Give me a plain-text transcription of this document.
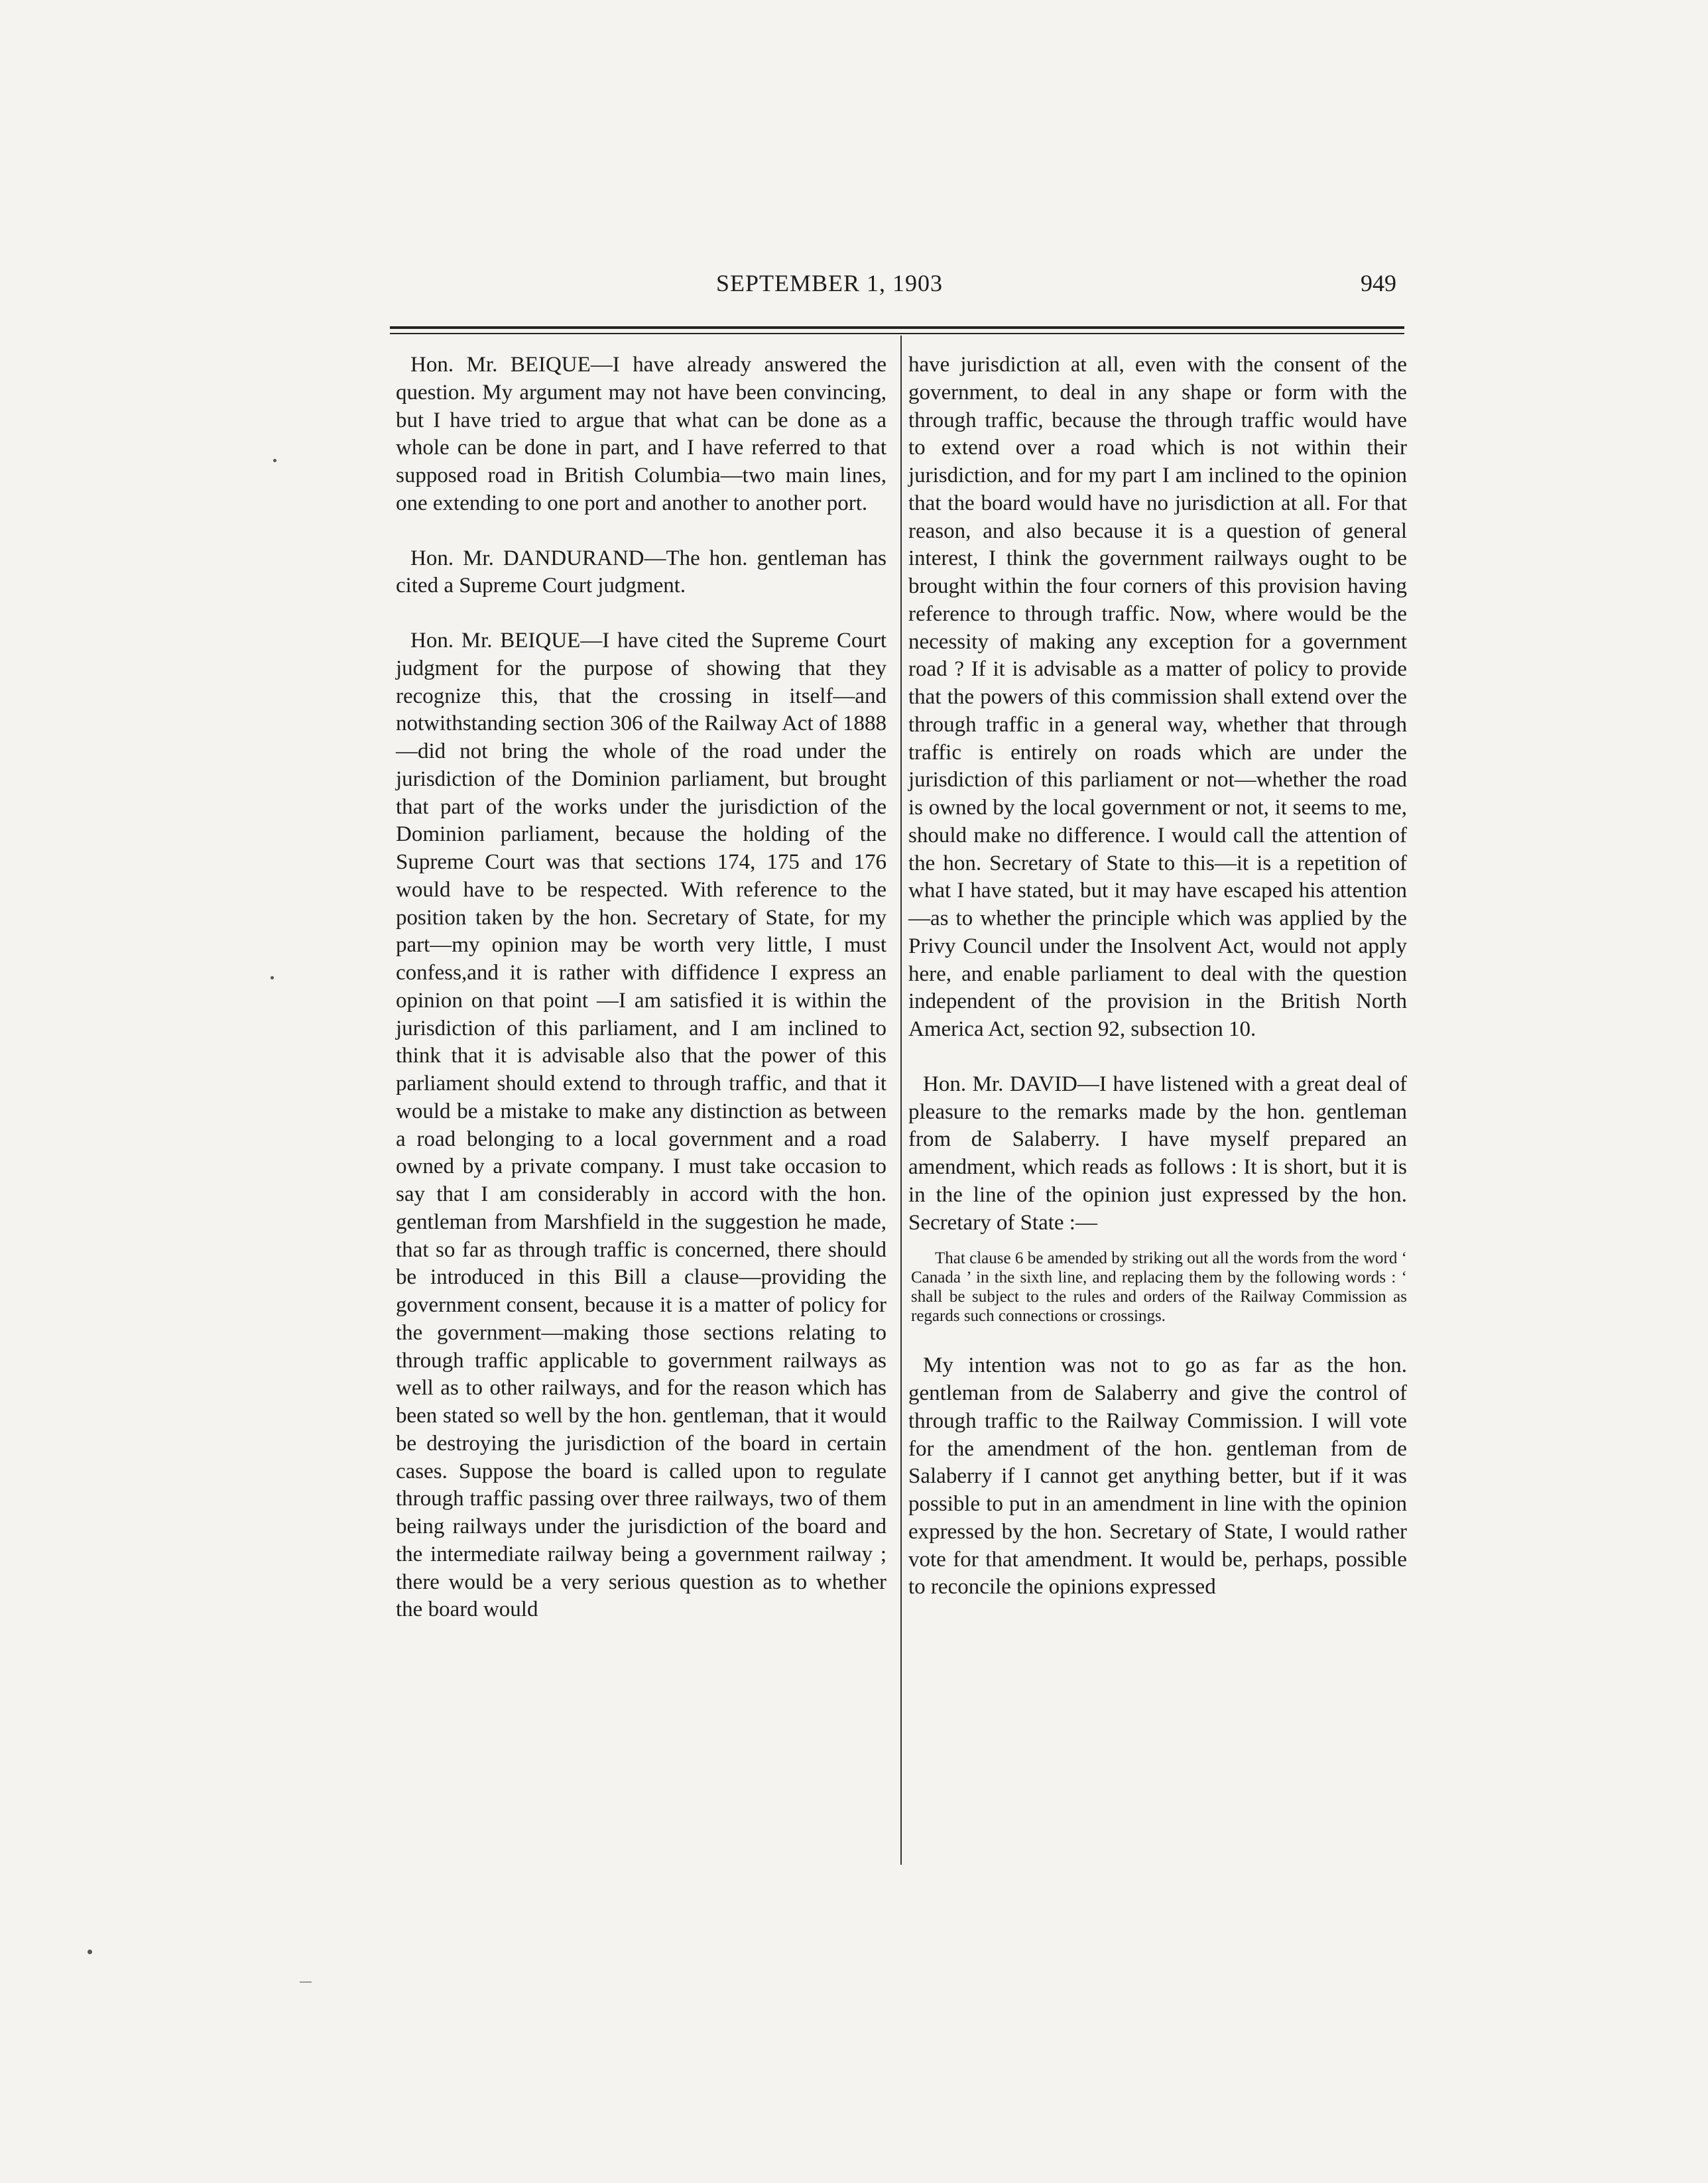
SEPTEMBER 1, 1903	949

Hon. Mr. BEIQUE—I have already answered the question. My argument may not have been convincing, but I have tried to argue that what can be done as a whole can be done in part, and I have referred to that supposed road in British Columbia—two main lines, one extending to one port and another to another port.

Hon. Mr. DANDURAND—The hon. gentleman has cited a Supreme Court judgment.

Hon. Mr. BEIQUE—I have cited the Supreme Court judgment for the purpose of showing that they recognize this, that the crossing in itself—and notwithstanding section 306 of the Railway Act of 1888—did not bring the whole of the road under the jurisdiction of the Dominion parliament, but brought that part of the works under the jurisdiction of the Dominion parliament, because the holding of the Supreme Court was that sections 174, 175 and 176 would have to be respected. With reference to the position taken by the hon. Secretary of State, for my part—my opinion may be worth very little, I must confess,and it is rather with diffidence I express an opinion on that point —I am satisfied it is within the jurisdiction of this parliament, and I am inclined to think that it is advisable also that the power of this parliament should extend to through traffic, and that it would be a mistake to make any distinction as between a road belonging to a local government and a road owned by a private company. I must take occasion to say that I am considerably in accord with the hon. gentleman from Marshfield in the suggestion he made, that so far as through traffic is concerned, there should be introduced in this Bill a clause—providing the government consent, because it is a matter of policy for the government—making those sections relating to through traffic applicable to government railways as well as to other railways, and for the reason which has been stated so well by the hon. gentleman, that it would be destroying the jurisdiction of the board in certain cases. Suppose the board is called upon to regulate through traffic passing over three railways, two of them being railways under the jurisdiction of the board and the intermediate railway being a government railway ; there would be a very serious question as to whether the board would

have jurisdiction at all, even with the consent of the government, to deal in any shape or form with the through traffic, because the through traffic would have to extend over a road which is not within their jurisdiction, and for my part I am inclined to the opinion that the board would have no jurisdiction at all. For that reason, and also because it is a question of general interest, I think the government railways ought to be brought within the four corners of this provision having reference to through traffic. Now, where would be the necessity of making any exception for a government road ? If it is advisable as a matter of policy to provide that the powers of this commission shall extend over the through traffic in a general way, whether that through traffic is entirely on roads which are under the jurisdiction of this parliament or not—whether the road is owned by the local government or not, it seems to me, should make no difference. I would call the attention of the hon. Secretary of State to this—it is a repetition of what I have stated, but it may have escaped his attention—as to whether the principle which was applied by the Privy Council under the Insolvent Act, would not apply here, and enable parliament to deal with the question independent of the provision in the British North America Act, section 92, subsection 10.

Hon. Mr. DAVID—I have listened with a great deal of pleasure to the remarks made by the hon. gentleman from de Salaberry. I have myself prepared an amendment, which reads as follows : It is short, but it is in the line of the opinion just expressed by the hon. Secretary of State :—

That clause 6 be amended by striking out all the words from the word ‘ Canada ’ in the sixth line, and replacing them by the following words : ‘ shall be subject to the rules and orders of the Railway Commission as regards such connections or crossings.

My intention was not to go as far as the hon. gentleman from de Salaberry and give the control of through traffic to the Railway Commission. I will vote for the amendment of the hon. gentleman from de Salaberry if I cannot get anything better, but if it was possible to put in an amendment in line with the opinion expressed by the hon. Secretary of State, I would rather vote for that amendment. It would be, perhaps, possible to reconcile the opinions expressed
